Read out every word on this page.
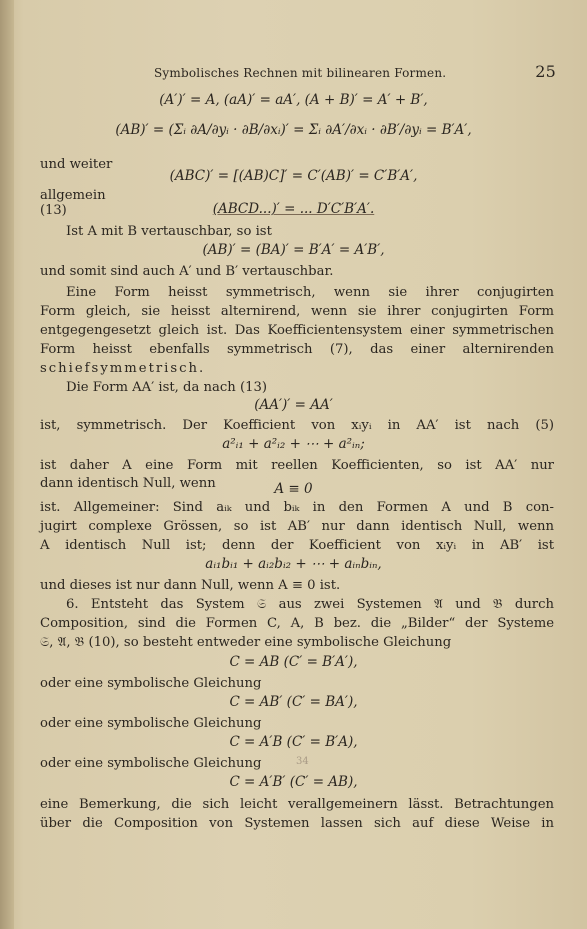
Symbolisches Rechnen mit bilinearen Formen.	25
(A′)′ = A, (aA)′ = aA′, (A + B)′ = A′ + B′,
(AB)′ = (Σᵢ ∂A/∂yᵢ · ∂B/∂xᵢ)′ = Σᵢ ∂A′/∂xᵢ · ∂B′/∂yᵢ = B′A′,
und weiter
(ABC)′ = [(AB)C]′ = C′(AB)′ = C′B′A′,
allgemein
(13)	(ABCD...)′ = ... D′C′B′A′.
Ist A mit B vertauschbar, so ist
(AB)′ = (BA)′ = B′A′ = A′B′,
und somit sind auch A′ und B′ vertauschbar.
Eine Form heisst symmetrisch, wenn sie ihrer conjugirten
Form gleich, sie heisst alternirend, wenn sie ihrer conjugirten Form
entgegengesetzt gleich ist. Das Koefficientensystem einer symmetrischen
Form heisst ebenfalls symmetrisch (7), das einer alternirenden
schiefsymmetrisch.
Die Form AA′ ist, da nach (13)
(AA′)′ = AA′
ist, symmetrisch. Der Koefficient von xᵢyᵢ in AA′ ist nach (5)
a²ᵢ₁ + a²ᵢ₂ + ⋯ + a²ᵢₙ;
ist daher A eine Form mit reellen Koefficienten, so ist AA′ nur
dann identisch Null, wenn	A ≡ 0
ist. Allgemeiner: Sind aᵢₖ und bᵢₖ in den Formen A und B con-
jugirt complexe Grössen, so ist AB′ nur dann identisch Null, wenn
A identisch Null ist; denn der Koefficient von xᵢyᵢ in AB′ ist
aᵢ₁bᵢ₁ + aᵢ₂bᵢ₂ + ⋯ + aᵢₙbᵢₙ,
und dieses ist nur dann Null, wenn A ≡ 0 ist.
6. Entsteht das System 𝔖 aus zwei Systemen 𝔄 und 𝔅 durch
Composition, sind die Formen C, A, B bez. die „Bilder“ der Systeme
𝔖, 𝔄, 𝔅 (10), so besteht entweder eine symbolische Gleichung
C = AB (C′ = B′A′),
oder eine symbolische Gleichung
C = AB′ (C′ = BA′),
oder eine symbolische Gleichung
C = A′B (C′ = B′A),
oder eine symbolische Gleichung
C = A′B′ (C′ = AB),
34
eine Bemerkung, die sich leicht verallgemeinern lässt. Betrachtungen
über die Composition von Systemen lassen sich auf diese Weise in
